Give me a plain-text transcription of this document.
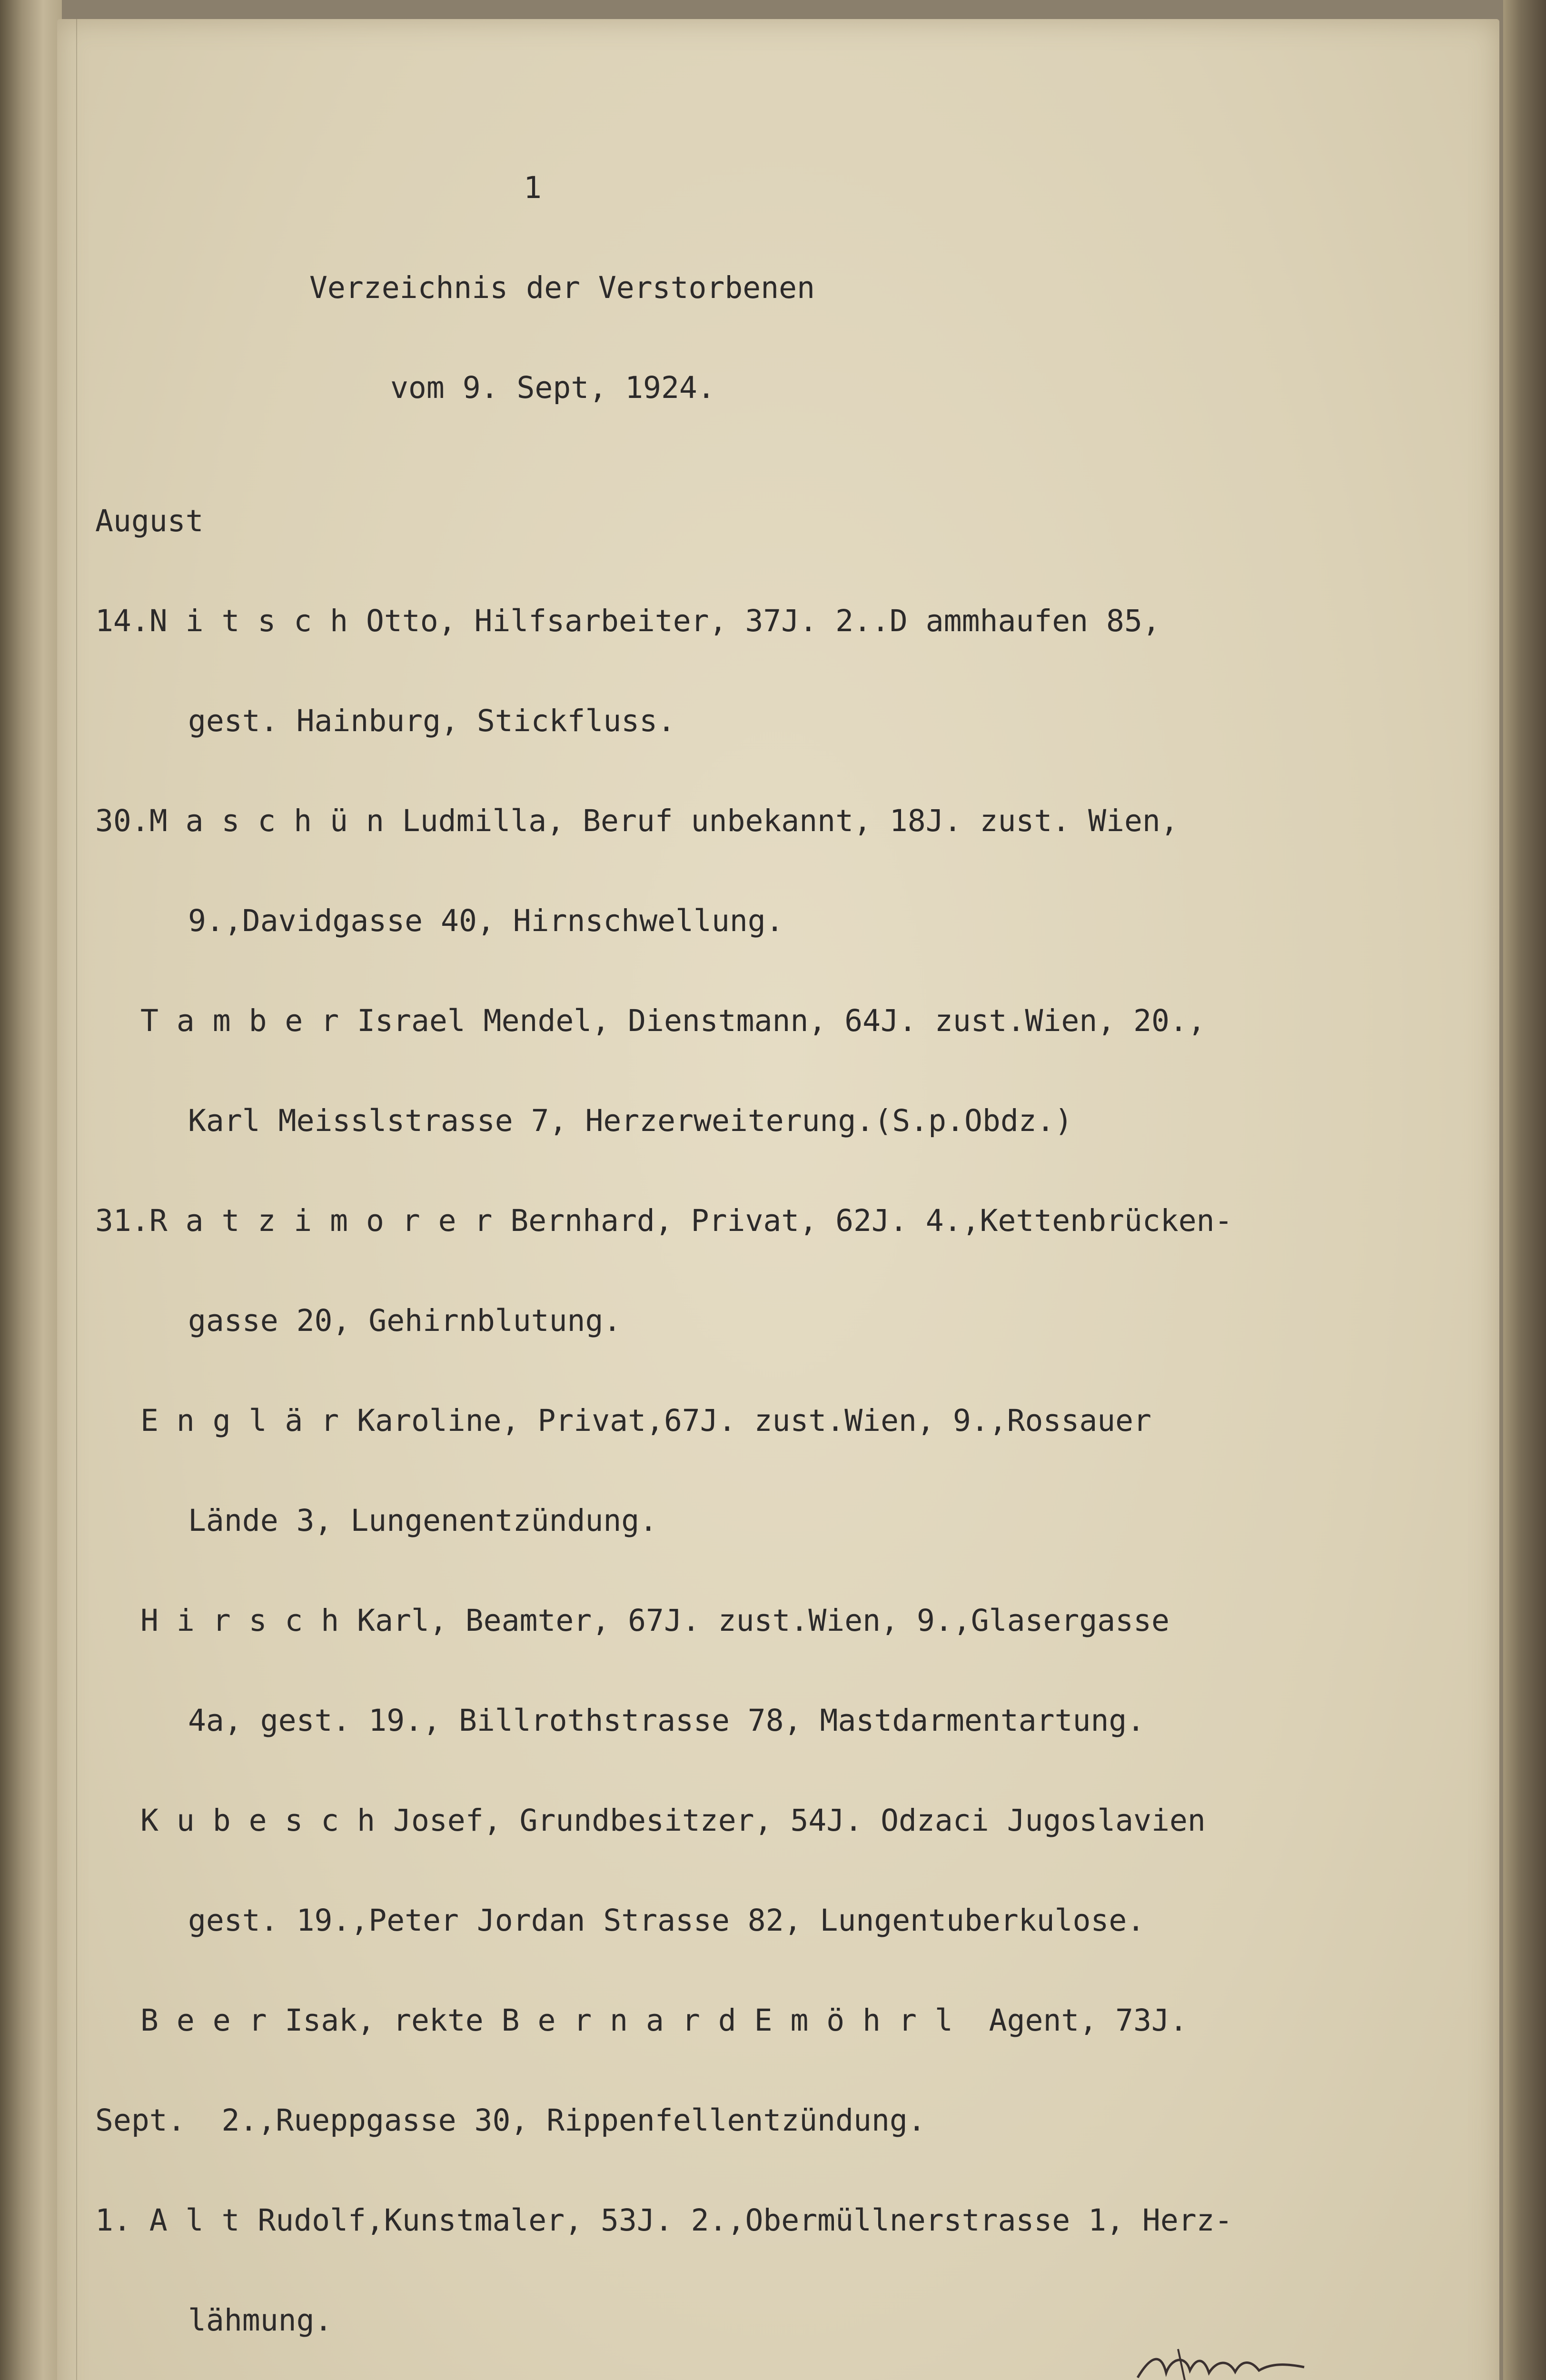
1

Verzeichnis der Verstorbenen

vom 9. Sept, 1924.

August

14.N i t s c h Otto, Hilfsarbeiter, 37J. 2..D ammhaufen 85,

gest. Hainburg, Stickfluss.

30.M a s c h ü n Ludmilla, Beruf unbekannt, 18J. zust. Wien,

9.,Davidgasse 40, Hirnschwellung.

T a m b e r Israel Mendel, Dienstmann, 64J. zust.Wien, 20.,

Karl Meisslstrasse 7, Herzerweiterung.(S.p.Obdz.)

31.R a t z i m o r e r Bernhard, Privat, 62J. 4.,Kettenbrücken-

gasse 20, Gehirnblutung.

E n g l ä r Karoline, Privat,67J. zust.Wien, 9.,Rossauer

Lände 3, Lungenentzündung.

H i r s c h Karl, Beamter, 67J. zust.Wien, 9.,Glasergasse

4a, gest. 19., Billrothstrasse 78, Mastdarmentartung.

K u b e s c h Josef, Grundbesitzer, 54J. Odzaci Jugoslavien

gest. 19.,Peter Jordan Strasse 82, Lungentuberkulose.

B e e r Isak, rekte B e r n a r d E m ö h r l  Agent, 73J.

Sept.  2.,Rueppgasse 30, Rippenfellentzündung.

1. A l t Rudolf,Kunstmaler, 53J. 2.,Obermüllnerstrasse 1, Herz-

lähmung.
